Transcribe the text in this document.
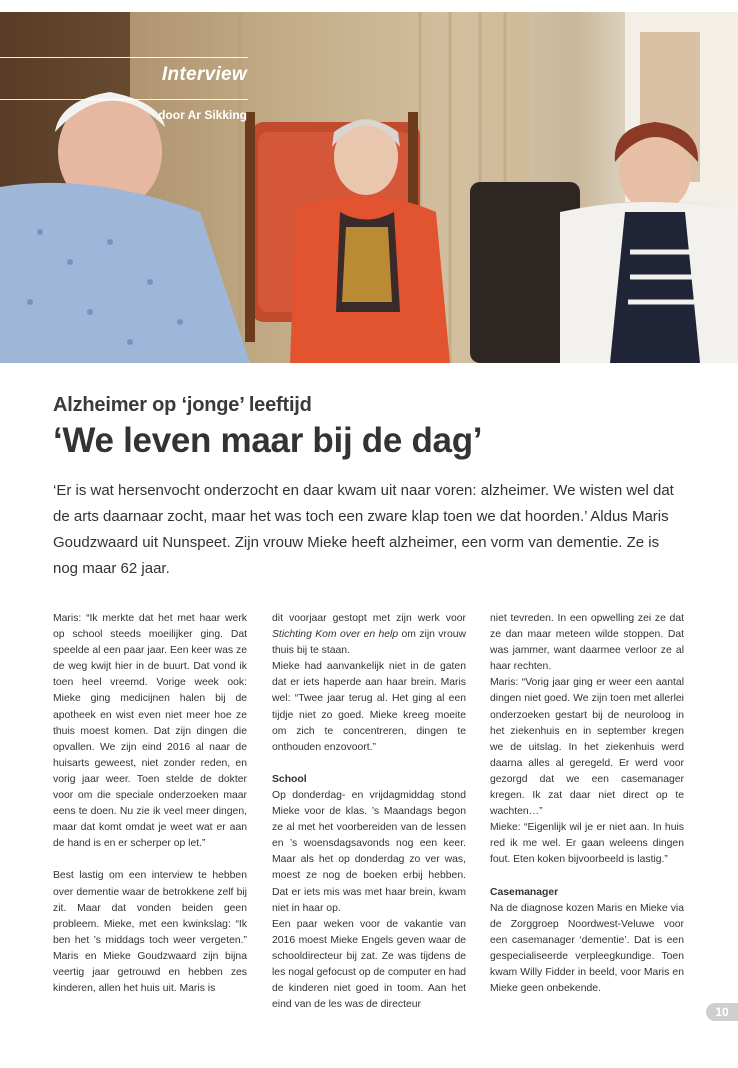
Interview
door Ar Sikking
Alzheimer op ‘jonge’ leeftijd
‘We leven maar bij de dag’
‘Er is wat hersenvocht onderzocht en daar kwam uit naar voren: alzheimer. We wisten wel dat de arts daarnaar zocht, maar het was toch een zware klap toen we dat hoorden.’ Aldus Maris Goudzwaard uit Nunspeet. Zijn vrouw Mieke heeft alzheimer, een vorm van dementie. Ze is nog maar 62 jaar.

Maris: “Ik merkte dat het met haar werk op school steeds moeilijker ging. Dat speelde al een paar jaar. Een keer was ze de weg kwijt hier in de buurt. Dat vond ik toen heel vreemd. Vorige week ook: Mieke ging medicijnen halen bij de apotheek en wist even niet meer hoe ze thuis moest komen. Dat zijn dingen die opvallen. We zijn eind 2016 al naar de huisarts geweest, niet zonder reden, en vorig jaar weer. Toen stelde de dokter voor om die speciale onderzoeken maar eens te doen. Nu zie ik veel meer dingen, maar dat komt omdat je weet wat er aan de hand is en er scherper op let.”

Best lastig om een interview te hebben over dementie waar de betrokkene zelf bij zit. Maar dat vonden beiden geen probleem. Mieke, met een kwinkslag: “Ik ben het ’s middags toch weer vergeten.” Maris en Mieke Goudzwaard zijn bijna veertig jaar getrouwd en hebben zes kinderen, allen het huis uit. Maris is

dit voorjaar gestopt met zijn werk voor Stichting Kom over en help om zijn vrouw thuis bij te staan.

Mieke had aanvankelijk niet in de gaten dat er iets haperde aan haar brein. Maris wel: “Twee jaar terug al. Het ging al een tijdje niet zo goed. Mieke kreeg moeite om zich te concentreren, dingen te onthouden enzovoort.”

School

Op donderdag- en vrijdagmiddag stond Mieke voor de klas. ’s Maandags begon ze al met het voorbereiden van de lessen en ’s woensdagsavonds nog een keer. Maar als het op donderdag zo ver was, moest ze nog de boeken erbij hebben. Dat er iets mis was met haar brein, kwam niet in haar op.

Een paar weken voor de vakantie van 2016 moest Mieke Engels geven waar de schooldirecteur bij zat. Ze was tijdens de les nogal gefocust op de computer en had de kinderen niet goed in toom. Aan het eind van de les was de directeur

niet tevreden. In een opwelling zei ze dat ze dan maar meteen wilde stoppen. Dat was jammer, want daarmee verloor ze al haar rechten.

Maris: “Vorig jaar ging er weer een aantal dingen niet goed. We zijn toen met allerlei onderzoeken gestart bij de neuroloog in het ziekenhuis en in september kregen we de uitslag. In het ziekenhuis werd daarna alles al geregeld. Er werd voor gezorgd dat we een casemanager kregen. Ik zat daar niet direct op te wachten…”

Mieke: “Eigenlijk wil je er niet aan. In huis red ik me wel. Er gaan weleens dingen fout. Eten koken bijvoorbeeld is lastig.”

Casemanager

Na de diagnose kozen Maris en Mieke via de Zorggroep Noordwest-Veluwe voor een casemanager ‘dementie’. Dat is een gespecialiseerde verpleegkundige. Toen kwam Willy Fidder in beeld, voor Maris en Mieke geen onbekende.

10
